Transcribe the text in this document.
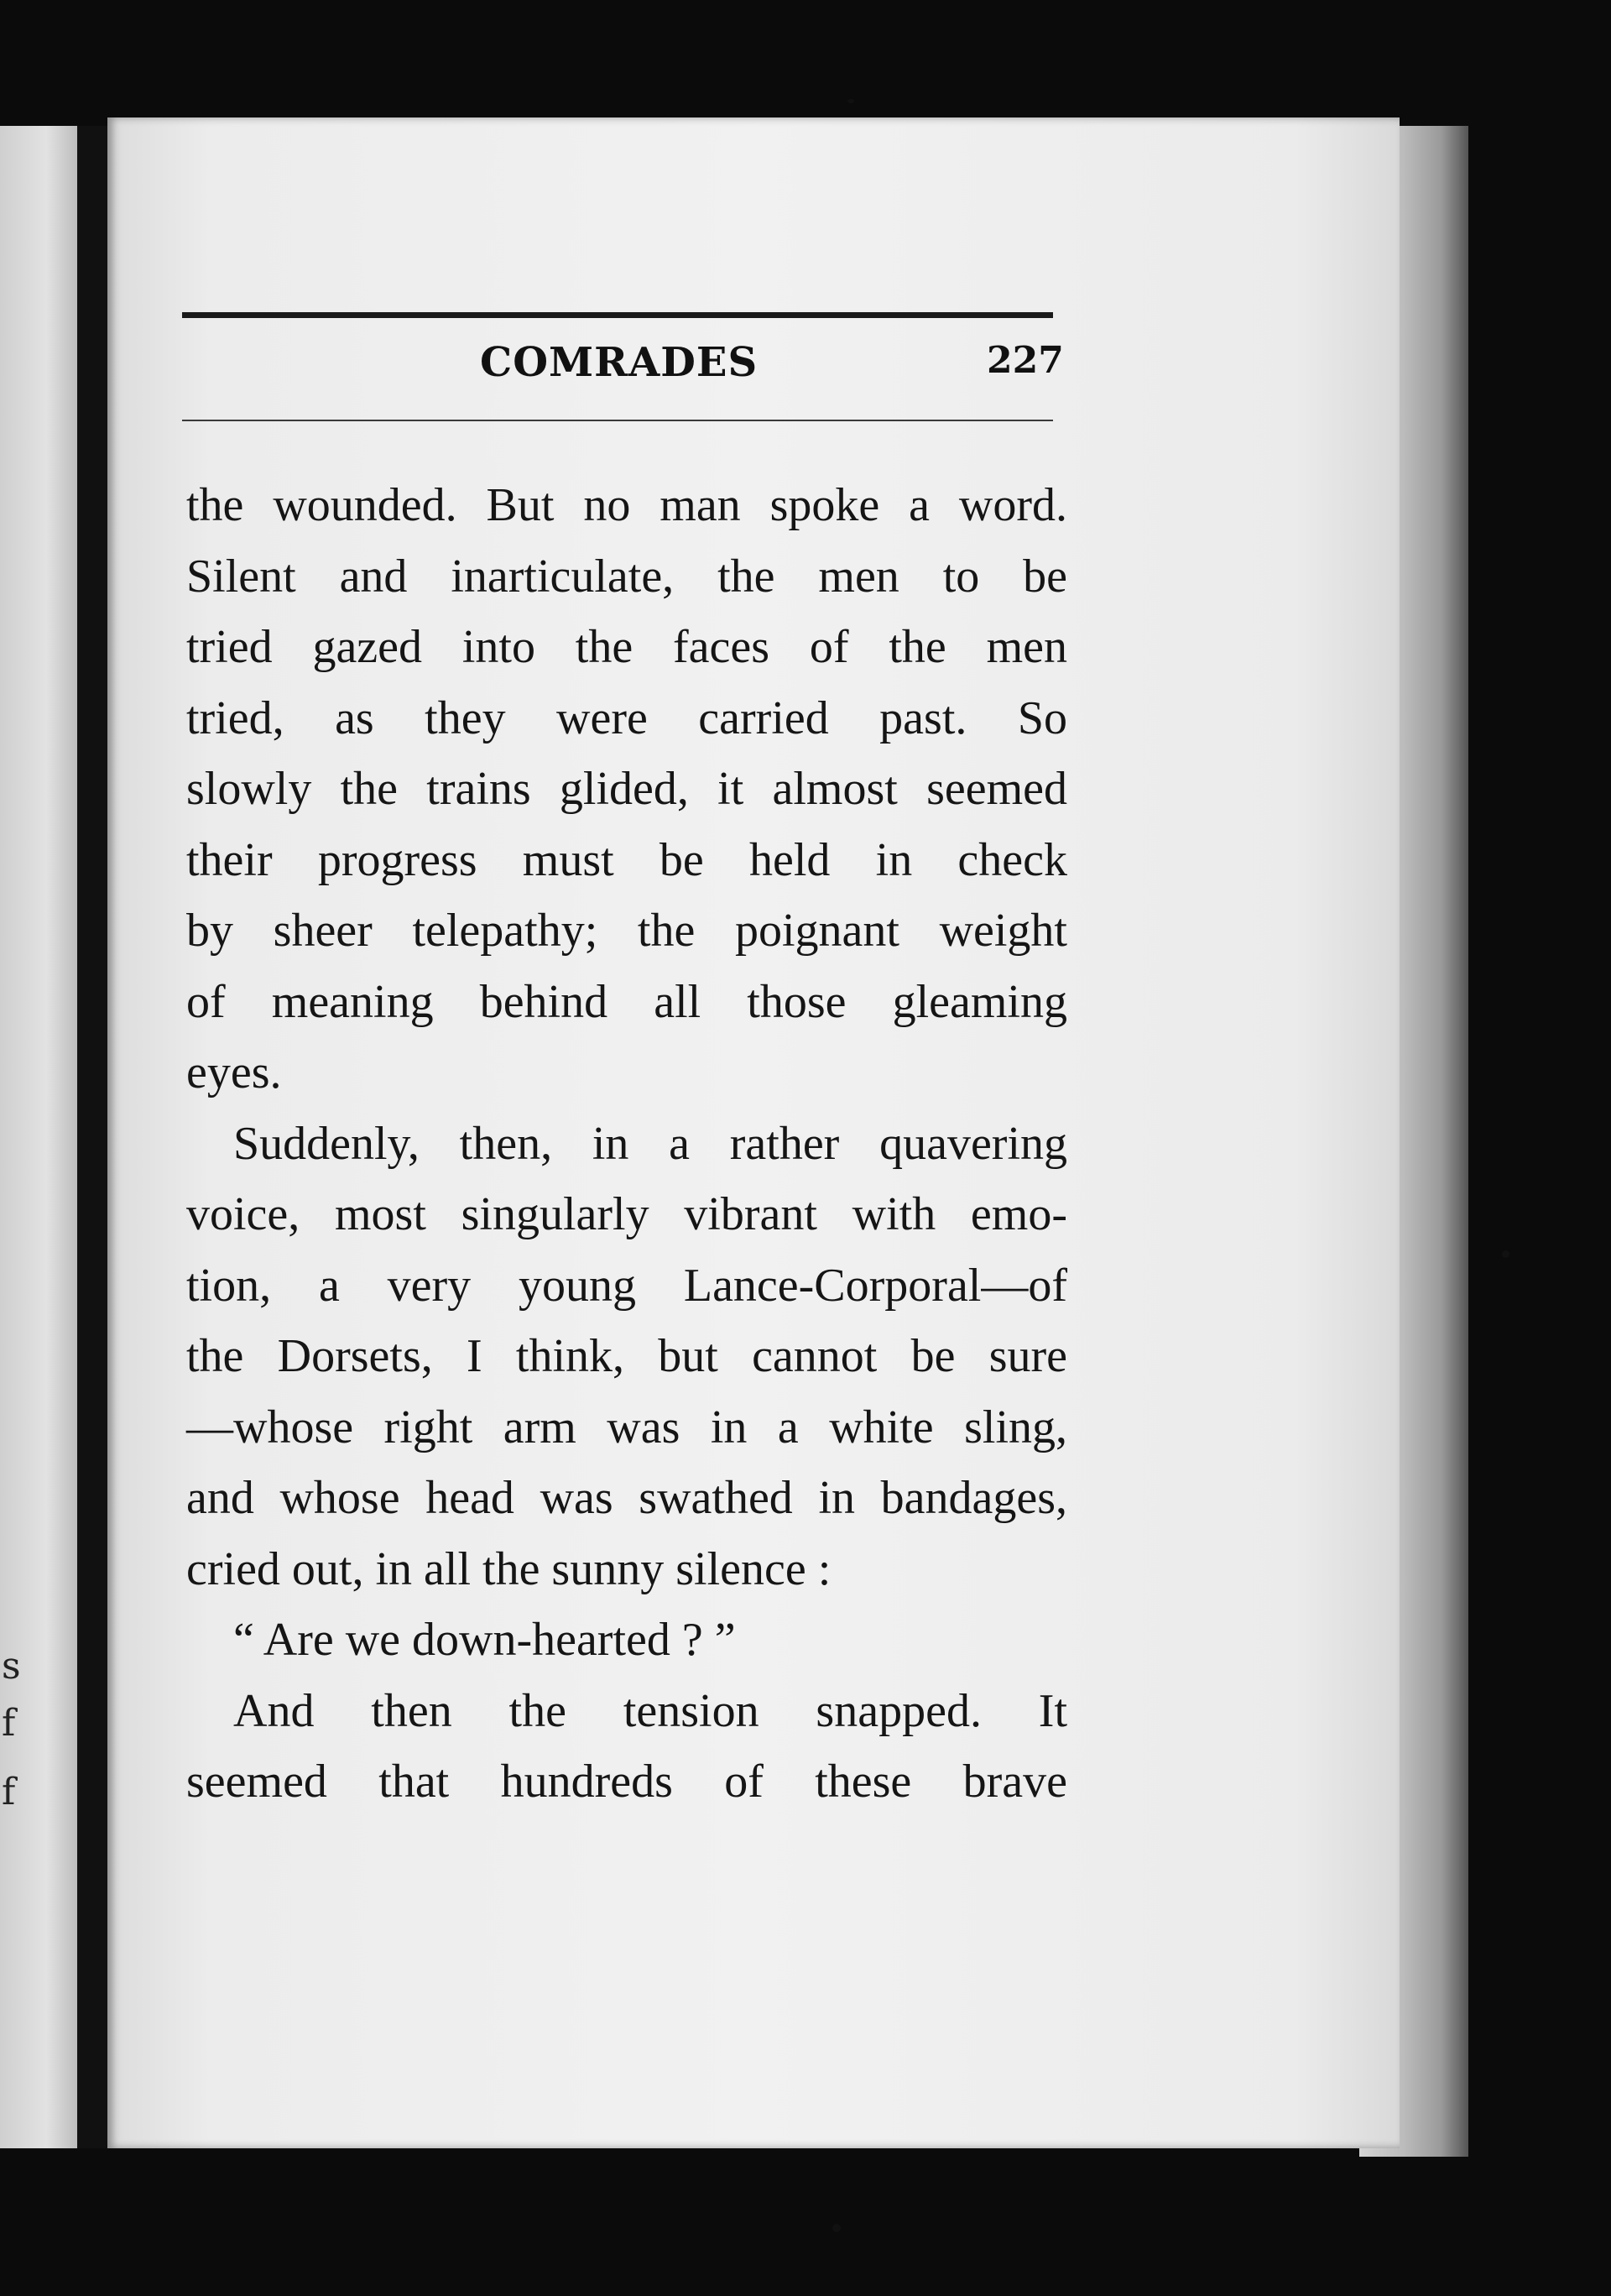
s
f
f
COMRADES	227
the wounded. But no man spoke a word.
Silent and inarticulate, the men to be
tried gazed into the faces of the men
tried, as they were carried past. So
slowly the trains glided, it almost seemed
their progress must be held in check
by sheer telepathy; the poignant weight
of meaning behind all those gleaming
eyes.
Suddenly, then, in a rather quavering
voice, most singularly vibrant with emo-
tion, a very young Lance-Corporal—of
the Dorsets, I think, but cannot be sure
—whose right arm was in a white sling,
and whose head was swathed in bandages,
cried out, in all the sunny silence :
“ Are we down-hearted ? ”
And then the tension snapped. It
seemed that hundreds of these brave
